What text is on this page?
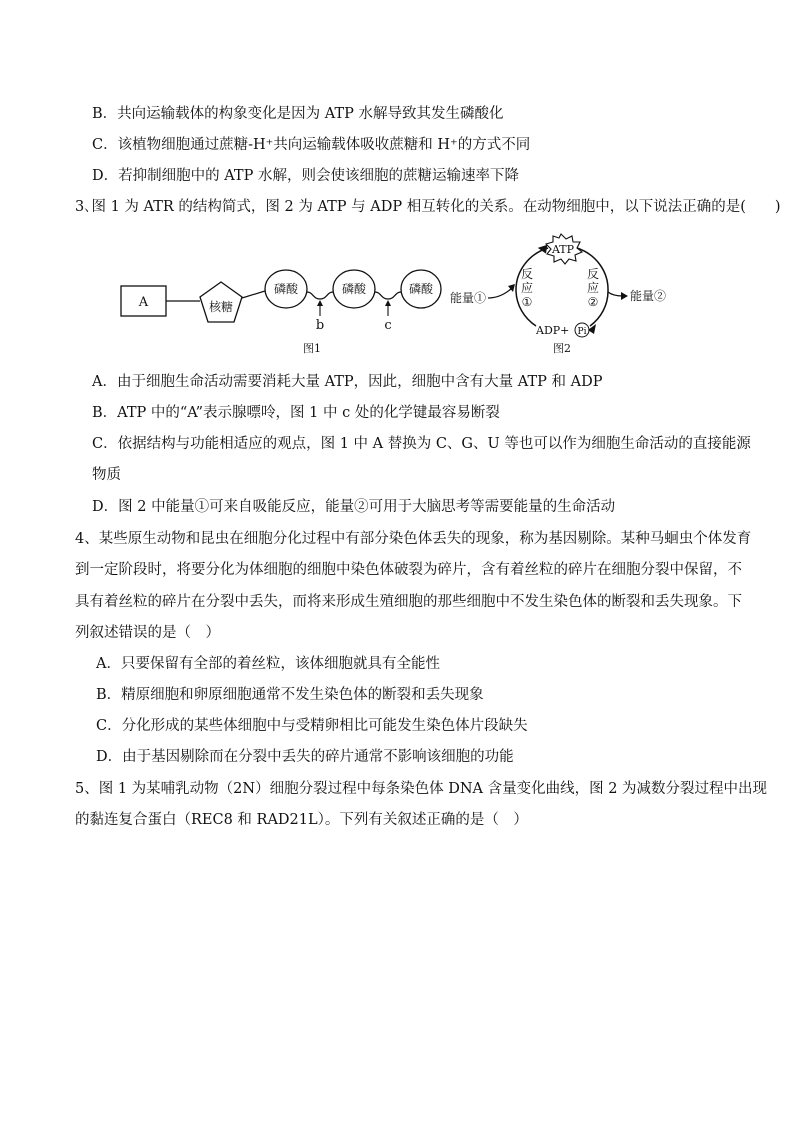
B．共向运输载体的构象变化是因为 ATP 水解导致其发生磷酸化
C．该植物细胞通过蔗糖-H⁺共向运输载体吸收蔗糖和 H⁺的方式不同
D．若抑制细胞中的 ATP 水解，则会使该细胞的蔗糖运输速率下降
3､图 1 为 ATR 的结构简式，图 2 为 ATP 与 ADP 相互转化的关系。在动物细胞中，以下说法正确的是(　　)
A	核糖
磷酸	磷酸	磷酸
b	c
图1
ATP
反
应
①
反
应
②
能量①	能量②
ADP+ Pi
图2
A．由于细胞生命活动需要消耗大量 ATP，因此，细胞中含有大量 ATP 和 ADP
B．ATP 中的“A”表示腺嘌呤，图 1 中 c 处的化学键最容易断裂
C．依据结构与功能相适应的观点，图 1 中 A 替换为 C、G、U 等也可以作为细胞生命活动的直接能源
物质
D．图 2 中能量①可来自吸能反应，能量②可用于大脑思考等需要能量的生命活动
4、某些原生动物和昆虫在细胞分化过程中有部分染色体丢失的现象，称为基因剔除。某种马蛔虫个体发育
到一定阶段时，将要分化为体细胞的细胞中染色体破裂为碎片，含有着丝粒的碎片在细胞分裂中保留，不
具有着丝粒的碎片在分裂中丢失，而将来形成生殖细胞的那些细胞中不发生染色体的断裂和丢失现象。下
列叙述错误的是（　）
A．只要保留有全部的着丝粒，该体细胞就具有全能性
B．精原细胞和卵原细胞通常不发生染色体的断裂和丢失现象
C．分化形成的某些体细胞中与受精卵相比可能发生染色体片段缺失
D．由于基因剔除而在分裂中丢失的碎片通常不影响该细胞的功能
5、图 1 为某哺乳动物（2N）细胞分裂过程中每条染色体 DNA 含量变化曲线，图 2 为减数分裂过程中出现
的黏连复合蛋白（REC8 和 RAD21L）。下列有关叙述正确的是（　）
